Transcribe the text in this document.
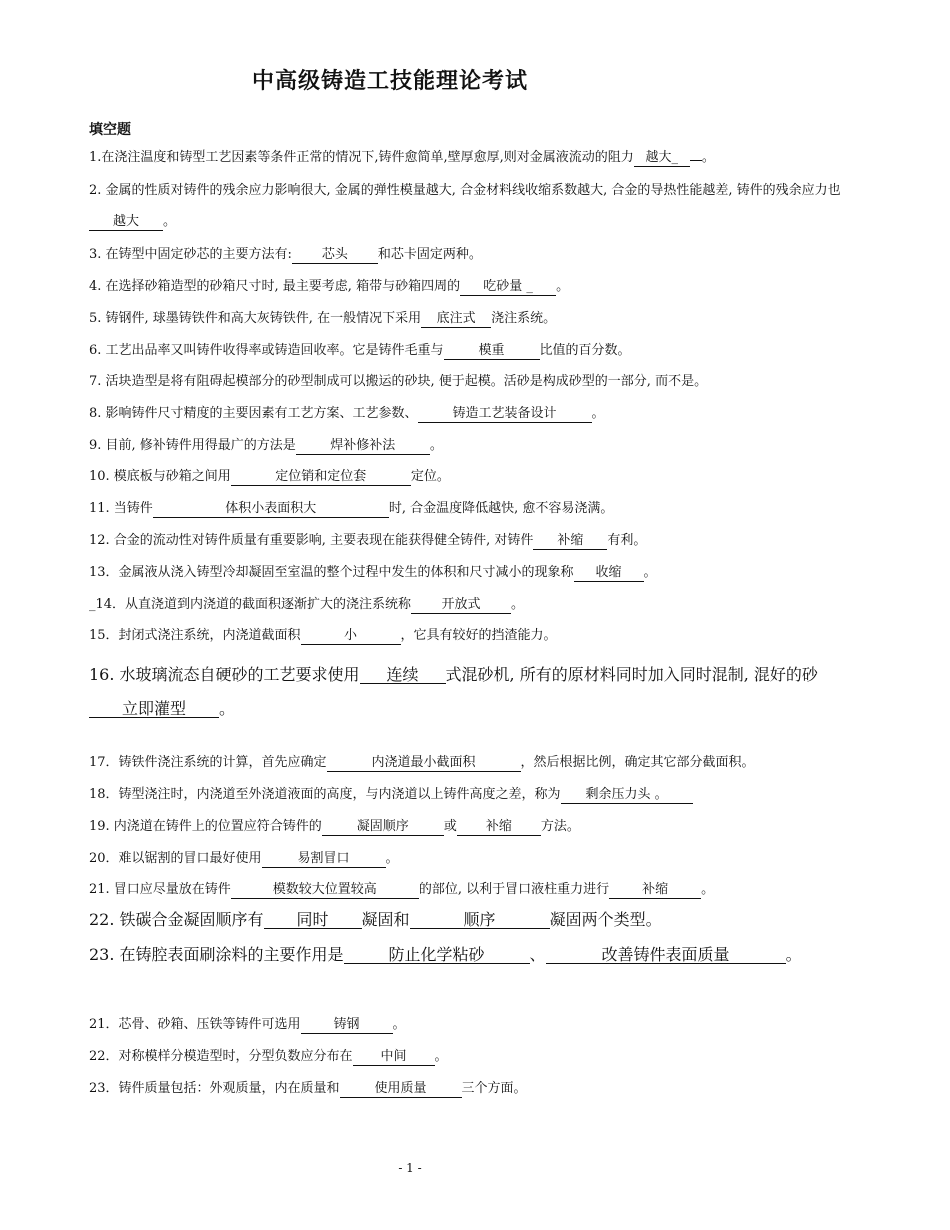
中高级铸造工技能理论考试
填空题
1.在浇注温度和铸型工艺因素等条件正常的情况下,铸件愈简单,壁厚愈厚,则对金属液流动的阻力 越大_ 。
2. 金属的性质对铸件的残余应力影响很大, 金属的弹性模量越大, 合金材料线收缩系数越大, 合金的导热性能越差, 铸件的残余应力也越大 。
3. 在铸型中固定砂芯的主要方法有: 芯头 和芯卡固定两种。
4. 在选择砂箱造型的砂箱尺寸时, 最主要考虑, 箱带与砂箱四周的 吃砂量 _ 。
5. 铸钢件, 球墨铸铁件和高大灰铸铁件, 在一般情况下采用 底注式 浇注系统。
6. 工艺出品率又叫铸件收得率或铸造回收率。它是铸件毛重与	模重	比值的百分数。
7. 活块造型是将有阻碍起模部分的砂型制成可以搬运的砂块, 便于起模。活砂是构成砂型的一部分, 而不是。
8. 影响铸件尺寸精度的主要因素有工艺方案、工艺参数、	铸造工艺装备设计	。
9. 目前, 修补铸件用得最广的方法是	焊补修补法	。
10. 模底板与砂箱之间用	定位销和定位套	定位。
11. 当铸件	体积小表面积大	时, 合金温度降低越快, 愈不容易浇满。
12. 合金的流动性对铸件质量有重要影响, 主要表现在能获得健全铸件, 对铸件 补缩 有利。
13．金属液从浇入铸型冷却凝固至室温的整个过程中发生的体积和尺寸减小的现象称 收缩 。
_14．从直浇道到内浇道的截面积逐渐扩大的浇注系统称 开放式 。
15．封闭式浇注系统，内浇道截面积	小	，它具有较好的挡渣能力。
16. 水玻璃流态自硬砂的工艺要求使用 连续 式混砂机, 所有的原材料同时加入同时混制, 混好的砂立即灌型 。
17．铸铁件浇注系统的计算，首先应确定	内浇道最小截面积	，然后根据比例，确定其它部分截面积。
18．铸型浇注时，内浇道至外浇道液面的高度，与内浇道以上铸件高度之差，称为 剩余压力头 。
19. 内浇道在铸件上的位置应符合铸件的	凝固顺序	或 补缩 方法。
20．难以锯割的冒口最好使用	易割冒口	。
21. 冒口应尽量放在铸件	模数较大位置较高	的部位, 以利于冒口液柱重力进行	补缩	。
22. 铁碳合金凝固顺序有 同时 凝固和	顺序	凝固两个类型。
23. 在铸腔表面刷涂料的主要作用是	防止化学粘砂	、	改善铸件表面质量	。
21．芯骨、砂箱、压铁等铸件可选用	铸钢	。
22．对称模样分模造型时，分型负数应分布在 中间 。
23．铸件质量包括：外观质量，内在质量和	使用质量	三个方面。
- 1 -
